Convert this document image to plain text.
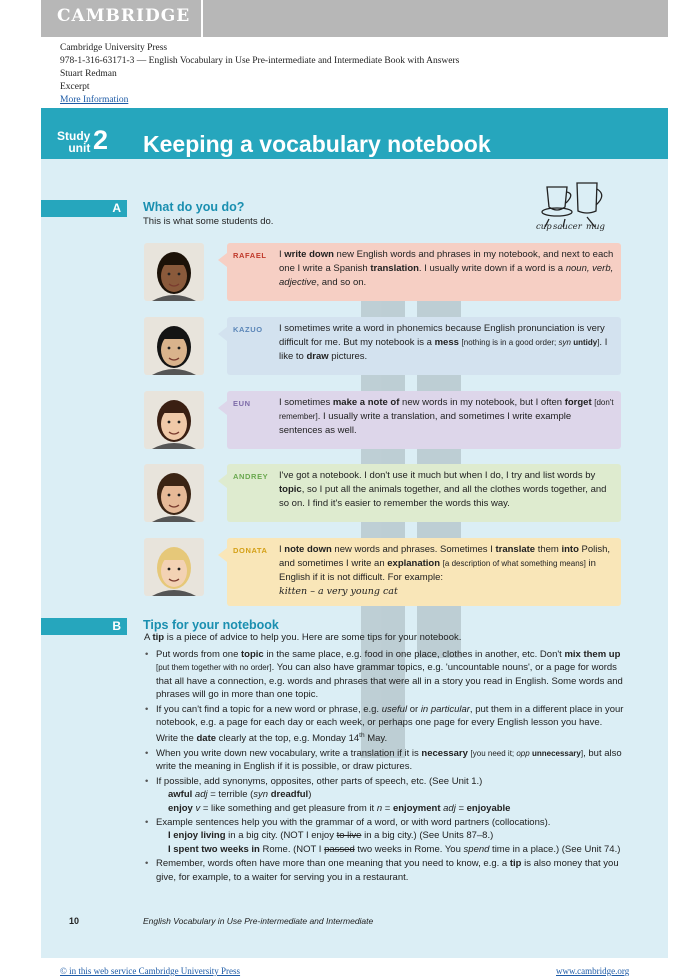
CAMBRIDGE
Cambridge University Press
978-1-316-63171-3 — English Vocabulary in Use Pre-intermediate and Intermediate Book with Answers
Stuart Redman
Excerpt
More Information
Study
unit 2 Keeping a vocabulary notebook
A What do you do?
This is what some students do.	cup saucer mug
RAFAEL I write down new English words and phrases in my notebook, and next to each one I write a Spanish translation. I usually write down if a word is a noun, verb, adjective, and so on.
KAZUO I sometimes write a word in phonemics because English pronunciation is very difficult for me. But my notebook is a mess [nothing is in a good order; syn untidy]. I like to draw pictures.
EUN	I sometimes make a note of new words in my notebook, but I often forget [don't remember]. I usually write a translation, and sometimes I write example sentences as well.
ANDREY I've got a notebook. I don't use it much but when I do, I try and list words by topic, so I put all the animals together, and all the clothes words together, and so on. I find it's easier to remember the words this way.
DONATA I note down new words and phrases. Sometimes I translate them into Polish, and sometimes I write an explanation [a description of what something means] in English if it is not difficult. For example:
kitten – a very young cat
B Tips for your notebook
A tip is a piece of advice to help you. Here are some tips for your notebook.
• Put words from one topic in the same place, e.g. food in one place, clothes in another, etc. Don't mix them up [put them together with no order]. You can also have grammar topics, e.g. 'uncountable nouns', or a page for words that all have a connection, e.g. words and phrases that were all in a story you read in English. Some words and phrases will go in more than one topic.
• If you can't find a topic for a new word or phrase, e.g. useful or in particular, put them in a different place in your notebook, e.g. a page for each day or each week, or perhaps one page for every English lesson you have. Write the date clearly at the top, e.g. Monday 14th May.
• When you write down new vocabulary, write a translation if it is necessary [you need it; opp unnecessary], but also write the meaning in English if it is possible, or draw pictures.
• If possible, add synonyms, opposites, other parts of speech, etc. (See Unit 1.)
awful adj = terrible (syn dreadful)
enjoy v = like something and get pleasure from it n = enjoyment adj = enjoyable
• Example sentences help you with the grammar of a word, or with word partners (collocations).
I enjoy living in a big city. (NOT I enjoy to live in a big city.) (See Units 87–8.)
I spent two weeks in Rome. (NOT I passed two weeks in Rome. You spend time in a place.) (See Unit 74.)
• Remember, words often have more than one meaning that you need to know, e.g. a tip is also money that you give, for example, to a waiter for serving you in a restaurant.
10	English Vocabulary in Use Pre-intermediate and Intermediate
© in this web service Cambridge University Press	www.cambridge.org
